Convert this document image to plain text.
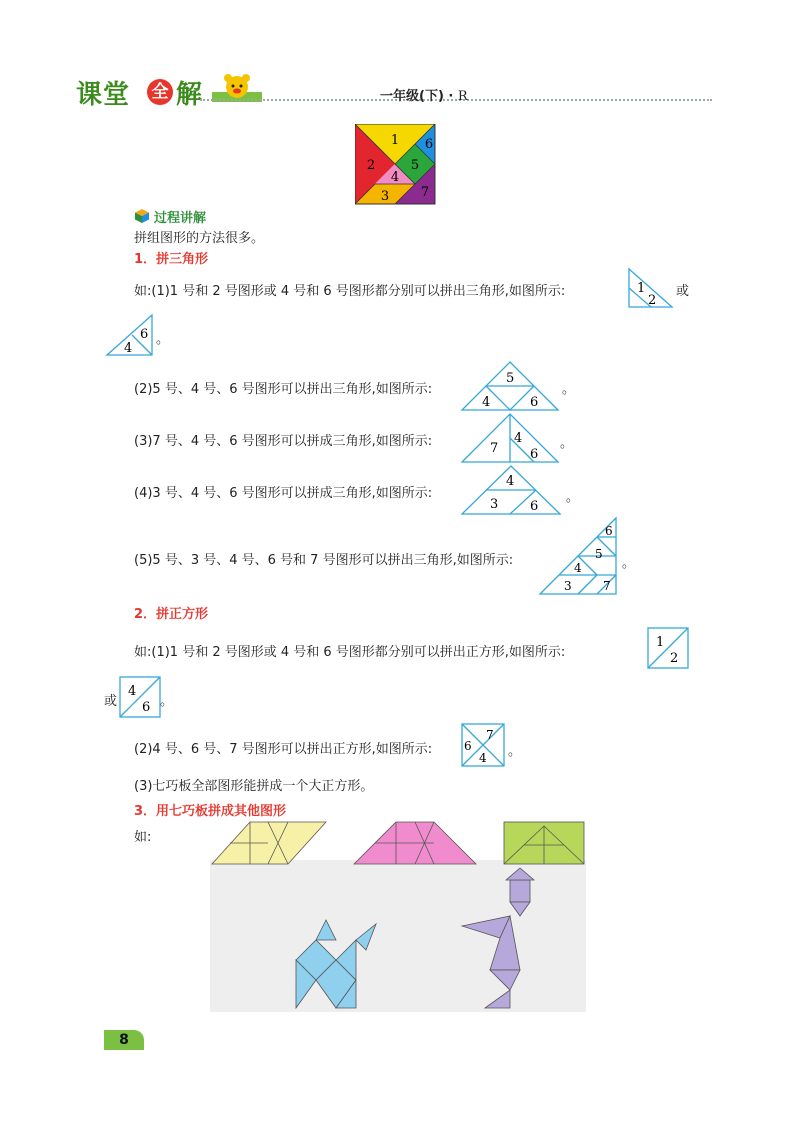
课堂 全 解	一年级(下) · R
1
2
6
5
4
3 7
过程讲解
拼组图形的方法很多。
1．拼三角形
如:(1)1 号和 2 号图形或 4 号和 6 号图形都分别可以拼出三角形,如图所示:	1
2
或
6
4
。
(2)5 号、4 号、6 号图形可以拼出三角形,如图所示:
5
4	6
。
(3)7 号、4 号、6 号图形可以拼成三角形,如图所示:	7
4
6
。
(4)3 号、4 号、6 号图形可以拼成三角形,如图所示:
4
3 6
。
(5)5 号、3 号、4 号、6 号和 7 号图形可以拼出三角形,如图所示:
6
5
4
3	7
。
2．拼正方形
如:(1)1 号和 2 号图形或 4 号和 6 号图形都分别可以拼出正方形,如图所示:
1
2
或
4
6 。
(2)4 号、6 号、7 号图形可以拼出正方形,如图所示:	6
7
4 。
(3)七巧板全部图形能拼成一个大正方形。
3．用七巧板拼成其他图形
如:
8
